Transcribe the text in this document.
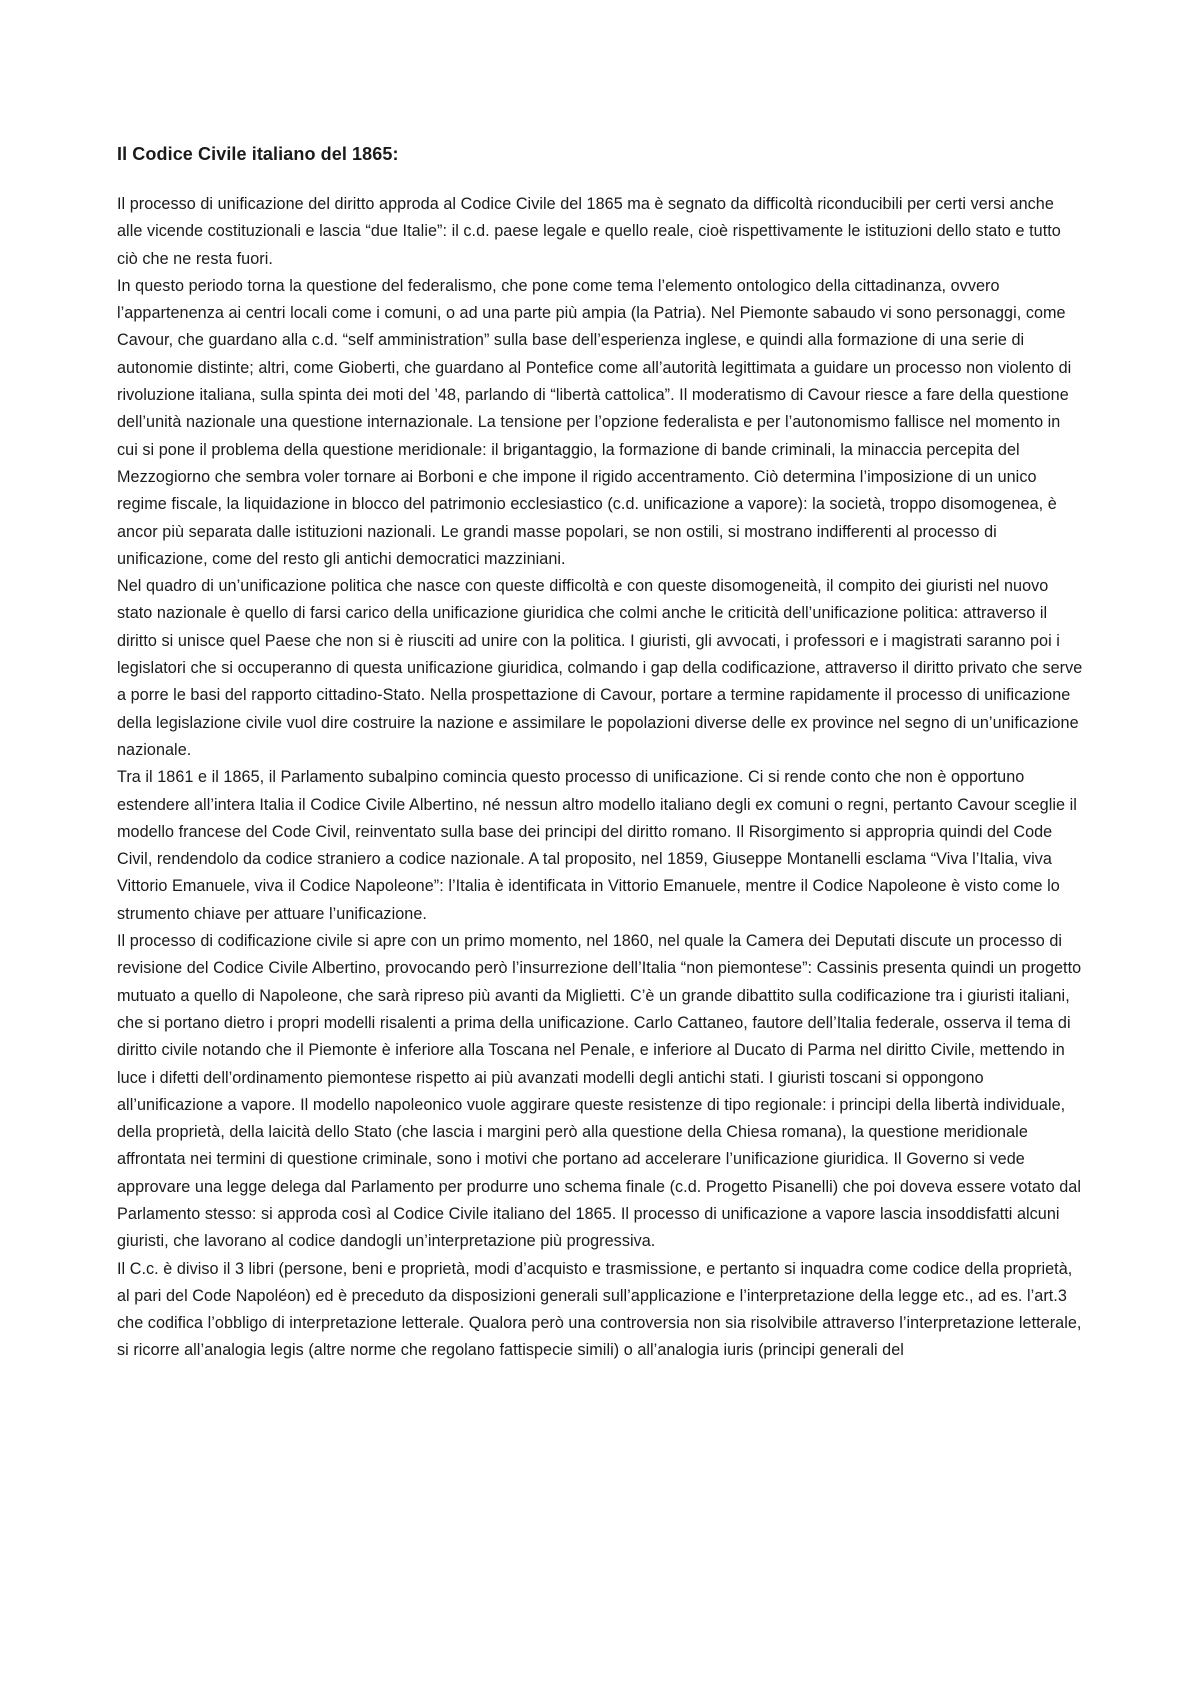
Il Codice Civile italiano del 1865:

Il processo di unificazione del diritto approda al Codice Civile del 1865 ma è segnato da difficoltà riconducibili per certi versi anche alle vicende costituzionali e lascia “due Italie”: il c.d. paese legale e quello reale, cioè rispettivamente le istituzioni dello stato e tutto ciò che ne resta fuori.

In questo periodo torna la questione del federalismo, che pone come tema l’elemento ontologico della cittadinanza, ovvero l’appartenenza ai centri locali come i comuni, o ad una parte più ampia (la Patria). Nel Piemonte sabaudo vi sono personaggi, come Cavour, che guardano alla c.d. “self amministration” sulla base dell’esperienza inglese, e quindi alla formazione di una serie di autonomie distinte; altri, come Gioberti, che guardano al Pontefice come all’autorità legittimata a guidare un processo non violento di rivoluzione italiana, sulla spinta dei moti del ’48, parlando di “libertà cattolica”. Il moderatismo di Cavour riesce a fare della questione dell’unità nazionale una questione internazionale. La tensione per l’opzione federalista e per l’autonomismo fallisce nel momento in cui si pone il problema della questione meridionale: il brigantaggio, la formazione di bande criminali, la minaccia percepita del Mezzogiorno che sembra voler tornare ai Borboni e che impone il rigido accentramento. Ciò determina l’imposizione di un unico regime fiscale, la liquidazione in blocco del patrimonio ecclesiastico (c.d. unificazione a vapore): la società, troppo disomogenea, è ancor più separata dalle istituzioni nazionali. Le grandi masse popolari, se non ostili, si mostrano indifferenti al processo di unificazione, come del resto gli antichi democratici mazziniani.

Nel quadro di un’unificazione politica che nasce con queste difficoltà e con queste disomogeneità, il compito dei giuristi nel nuovo stato nazionale è quello di farsi carico della unificazione giuridica che colmi anche le criticità dell’unificazione politica: attraverso il diritto si unisce quel Paese che non si è riusciti ad unire con la politica. I giuristi, gli avvocati, i professori e i magistrati saranno poi i legislatori che si occuperanno di questa unificazione giuridica, colmando i gap della codificazione, attraverso il diritto privato che serve a porre le basi del rapporto cittadino-Stato. Nella prospettazione di Cavour, portare a termine rapidamente il processo di unificazione della legislazione civile vuol dire costruire la nazione e assimilare le popolazioni diverse delle ex province nel segno di un’unificazione nazionale.

Tra il 1861 e il 1865, il Parlamento subalpino comincia questo processo di unificazione. Ci si rende conto che non è opportuno estendere all’intera Italia il Codice Civile Albertino, né nessun altro modello italiano degli ex comuni o regni, pertanto Cavour sceglie il modello francese del Code Civil, reinventato sulla base dei principi del diritto romano. Il Risorgimento si appropria quindi del Code Civil, rendendolo da codice straniero a codice nazionale. A tal proposito, nel 1859, Giuseppe Montanelli esclama “Viva l’Italia, viva Vittorio Emanuele, viva il Codice Napoleone”: l’Italia è identificata in Vittorio Emanuele, mentre il Codice Napoleone è visto come lo strumento chiave per attuare l’unificazione.

Il processo di codificazione civile si apre con un primo momento, nel 1860, nel quale la Camera dei Deputati discute un processo di revisione del Codice Civile Albertino, provocando però l’insurrezione dell’Italia “non piemontese”: Cassinis presenta quindi un progetto mutuato a quello di Napoleone, che sarà ripreso più avanti da Miglietti. C’è un grande dibattito sulla codificazione tra i giuristi italiani, che si portano dietro i propri modelli risalenti a prima della unificazione. Carlo Cattaneo, fautore dell’Italia federale, osserva il tema di diritto civile notando che il Piemonte è inferiore alla Toscana nel Penale, e inferiore al Ducato di Parma nel diritto Civile, mettendo in luce i difetti dell’ordinamento piemontese rispetto ai più avanzati modelli degli antichi stati. I giuristi toscani si oppongono all’unificazione a vapore. Il modello napoleonico vuole aggirare queste resistenze di tipo regionale: i principi della libertà individuale, della proprietà, della laicità dello Stato (che lascia i margini però alla questione della Chiesa romana), la questione meridionale affrontata nei termini di questione criminale, sono i motivi che portano ad accelerare l’unificazione giuridica. Il Governo si vede approvare una legge delega dal Parlamento per produrre uno schema finale (c.d. Progetto Pisanelli) che poi doveva essere votato dal Parlamento stesso: si approda così al Codice Civile italiano del 1865. Il processo di unificazione a vapore lascia insoddisfatti alcuni giuristi, che lavorano al codice dandogli un’interpretazione più progressiva.

Il C.c. è diviso il 3 libri (persone, beni e proprietà, modi d’acquisto e trasmissione, e pertanto si inquadra come codice della proprietà, al pari del Code Napoléon) ed è preceduto da disposizioni generali sull’applicazione e l’interpretazione della legge etc., ad es. l’art.3 che codifica l’obbligo di interpretazione letterale. Qualora però una controversia non sia risolvibile attraverso l’interpretazione letterale, si ricorre all’analogia legis (altre norme che regolano fattispecie simili) o all’analogia iuris (principi generali del
